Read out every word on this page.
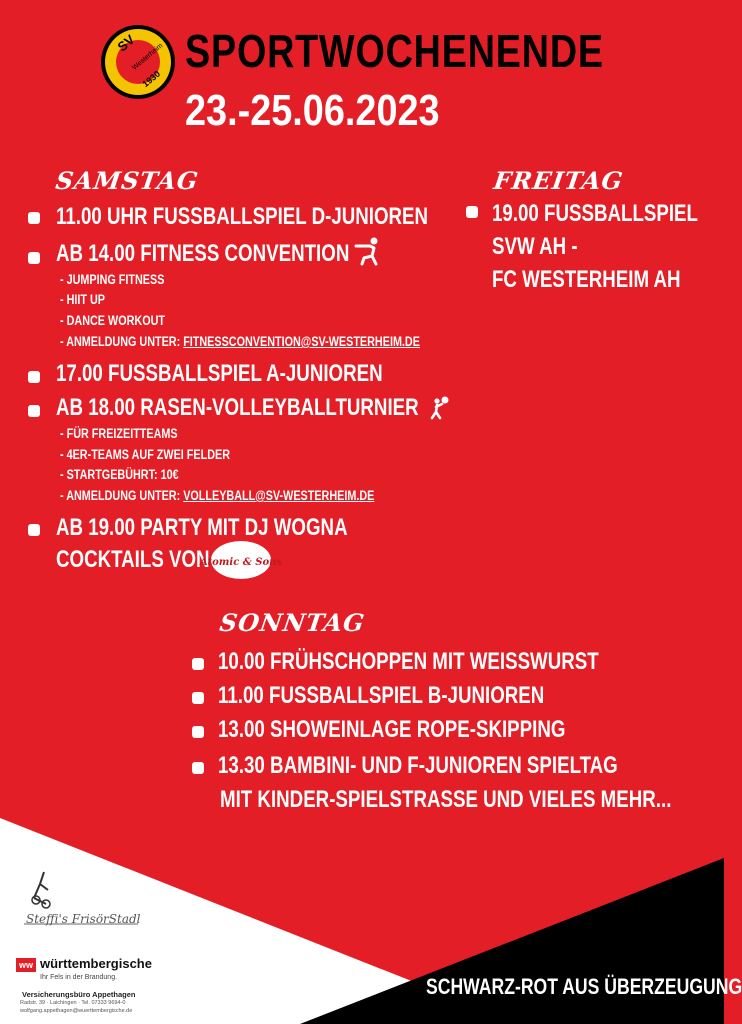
SV
Westerheim
1930
SPORTWOCHENENDE
23.-25.06.2023
SAMSTAG
11.00 UHR FUSSBALLSPIEL D-JUNIOREN
AB 14.00 FITNESS CONVENTION
- JUMPING FITNESS
- HIIT UP
- DANCE WORKOUT
- ANMELDUNG UNTER: FITNESSCONVENTION@SV-WESTERHEIM.DE
17.00 FUSSBALLSPIEL A-JUNIOREN
AB 18.00 RASEN-VOLLEYBALLTURNIER
- FÜR FREIZEITTEAMS
- 4ER-TEAMS AUF ZWEI FELDER
- STARTGEBÜHRT: 10€
- ANMELDUNG UNTER: VOLLEYBALL@SV-WESTERHEIM.DE
AB 19.00 PARTY MIT DJ WOGNA
COCKTAILS VON
Atomic & Sons
FREITAG
19.00 FUSSBALLSPIEL
SVW AH -
FC WESTERHEIM AH
SONNTAG
10.00 FRÜHSCHOPPEN MIT WEISSWURST
11.00 FUSSBALLSPIEL B-JUNIOREN
13.00 SHOWEINLAGE ROPE-SKIPPING
13.30 BAMBINI- UND F-JUNIOREN SPIELTAG
MIT KINDER-SPIELSTRASSE UND VIELES MEHR...
Steffi's FrisörStadl
ww württembergische
Ihr Fels in der Brandung.
Versicherungsbüro Appethagen
Radstr. 39 · Laichingen · Tel. 07333 9694-0
wolfgang.appethagen@wuerttembergische.de
SCHWARZ-ROT AUS ÜBERZEUGUNG
